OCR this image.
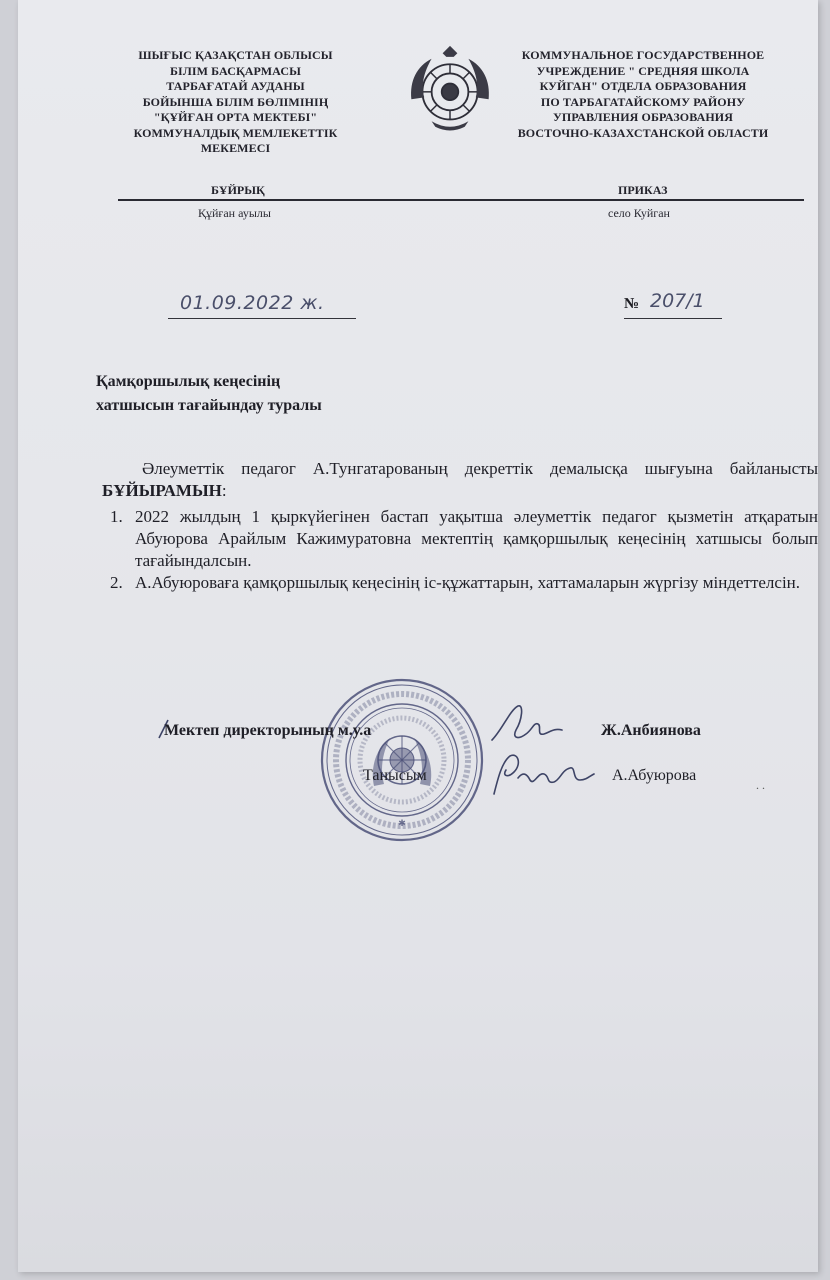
ШЫҒЫС ҚАЗАҚСТАН ОБЛЫСЫ
БІЛІМ БАСҚАРМАСЫ
ТАРБАҒАТАЙ АУДАНЫ
БОЙЫНША БІЛІМ БӨЛІМІНІҢ
"ҚҰЙҒАН ОРТА МЕКТЕБІ"
КОММУНАЛДЫҚ МЕМЛЕКЕТТІК
МЕКЕМЕСІ
КОММУНАЛЬНОЕ ГОСУДАРСТВЕННОЕ
УЧРЕЖДЕНИЕ " СРЕДНЯЯ ШКОЛА
КУЙГАН" ОТДЕЛА ОБРАЗОВАНИЯ
ПО ТАРБАГАТАЙСКОМУ РАЙОНУ
УПРАВЛЕНИЯ ОБРАЗОВАНИЯ
ВОСТОЧНО-КАЗАХСТАНСКОЙ ОБЛАСТИ
БҰЙРЫҚ	ПРИКАЗ
Құйған ауылы	село Куйган
01.09.2022 ж.	№ 207/1
Қамқоршылық кеңесінің
хатшысын тағайындау туралы
Әлеуметтік педагог А.Тунгатарованың декреттік демалысқа шығуына байланысты БҰЙЫРАМЫН:
1. 2022 жылдың 1 қыркүйегінен бастап уақытша әлеуметтік педагог қызметін атқаратын Абуюрова Арайлым Кажимуратовна мектептің қамқоршылық кеңесінің хатшысы болып тағайындалсын.
2. А.Абуюроваға қамқоршылық кеңесінің іс-құжаттарын, хаттамаларын жүргізу міндеттелсін.
✱
Мектеп директорының м.у.а	Ж.Анбиянова
Танысым	А.Абуюрова
. .
